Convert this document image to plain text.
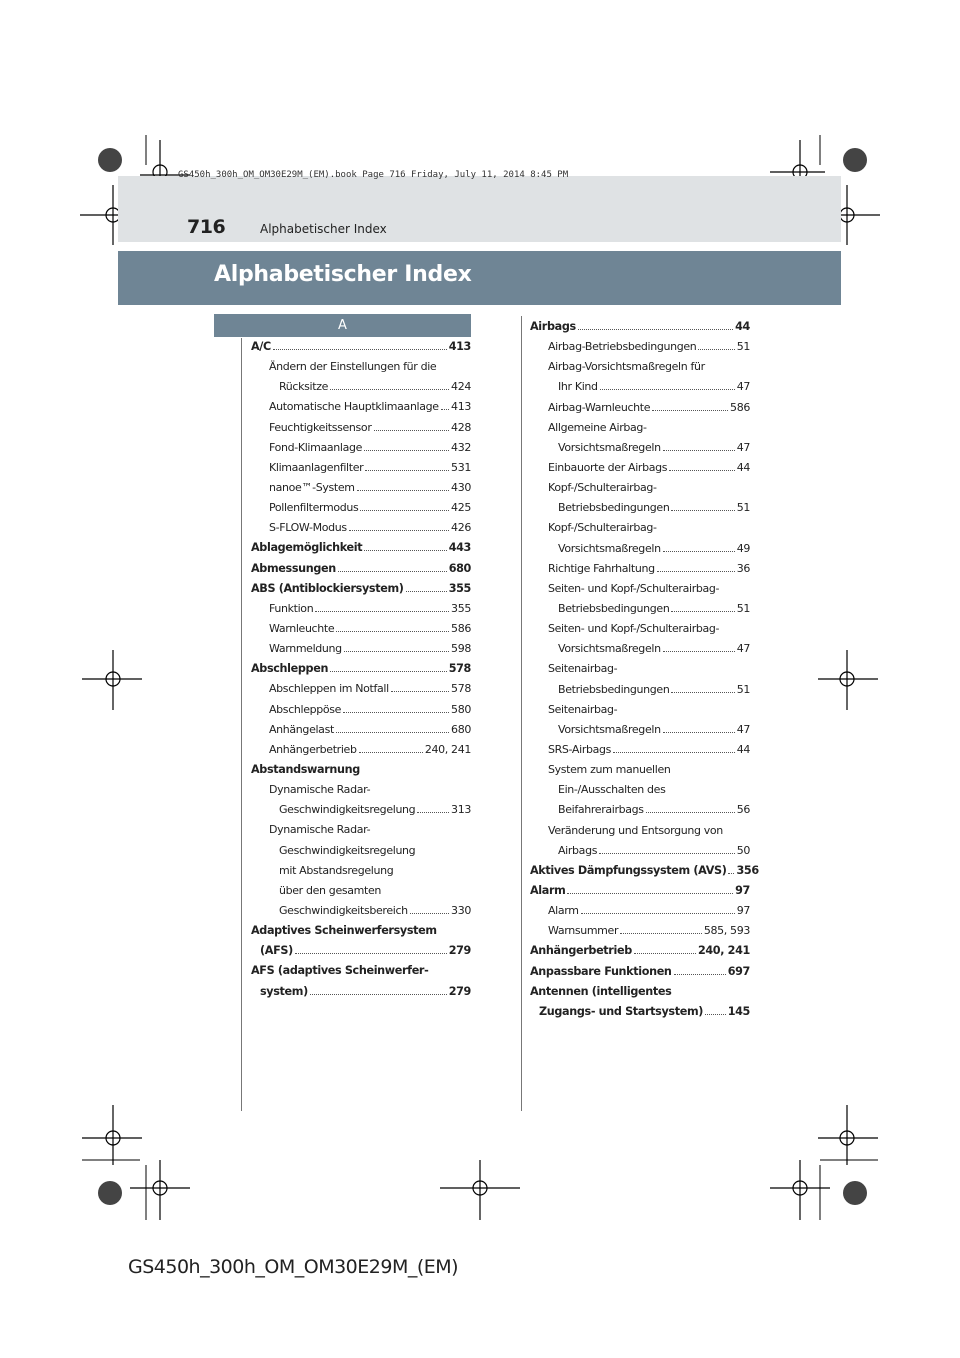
GS450h_300h_OM_OM30E29M_(EM).book Page 716 Friday, July 11, 2014 8:45 PM
716	Alphabetischer Index
Alphabetischer Index
A
A/C	413
Ändern der Einstellungen für die
Rücksitze	424
Automatische Hauptklimaanlage 413
Feuchtigkeitssensor	428
Fond-Klimaanlage	432
Klimaanlagenfilter	531
nanoe™-System	430
Pollenfiltermodus	425
S-FLOW-Modus	426
Ablagemöglichkeit	443
Abmessungen	680
ABS (Antiblockiersystem)	355
Funktion	355
Warnleuchte	586
Warnmeldung	598
Abschleppen	578
Abschleppen im Notfall	578
Abschleppöse	580
Anhängelast	680
Anhängerbetrieb	240, 241
Abstandswarnung
Dynamische Radar-
Geschwindigkeitsregelung	313
Dynamische Radar-
Geschwindigkeitsregelung
mit Abstandsregelung
über den gesamten
Geschwindigkeitsbereich	330
Adaptives Scheinwerfersystem
(AFS)	279
AFS (adaptives Scheinwerfer-
system)	279
Airbags	44
Airbag-Betriebsbedingungen	51
Airbag-Vorsichtsmaßregeln für
Ihr Kind	47
Airbag-Warnleuchte	586
Allgemeine Airbag-
Vorsichtsmaßregeln	47
Einbauorte der Airbags	44
Kopf-/Schulterairbag-
Betriebsbedingungen	51
Kopf-/Schulterairbag-
Vorsichtsmaßregeln	49
Richtige Fahrhaltung	36
Seiten- und Kopf-/Schulterairbag-
Betriebsbedingungen	51
Seiten- und Kopf-/Schulterairbag-
Vorsichtsmaßregeln	47
Seitenairbag-
Betriebsbedingungen	51
Seitenairbag-
Vorsichtsmaßregeln	47
SRS-Airbags	44
System zum manuellen
Ein-/Ausschalten des
Beifahrerairbags	56
Veränderung und Entsorgung von
Airbags	50
Aktives Dämpfungssystem (AVS) 356
Alarm	97
Alarm	97
Warnsummer	585, 593
Anhängerbetrieb	240, 241
Anpassbare Funktionen	697
Antennen (intelligentes
Zugangs- und Startsystem) 145
GS450h_300h_OM_OM30E29M_(EM)
